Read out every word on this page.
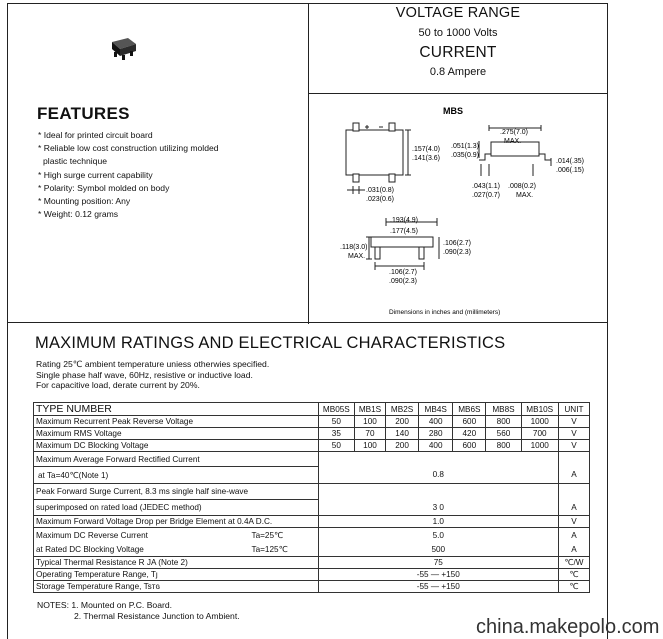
VOLTAGE RANGE
50 to 1000 Volts
CURRENT
0.8 Ampere
FEATURES
* Ideal for printed circuit board
* Reliable low cost construction utilizing molded
plastic technique
* High surge current capability
* Polarity: Symbol molded on body
* Mounting position: Any
* Weight: 0.12 grams
MBS
.157(4.0)
.141(3.6)
.031(0.8)
.023(0.6)
.275(7.0)
MAX.
.051(1.3)
.035(0.9)
.014(.35)
.006(.15)
.043(1.1)
.027(0.7)
.008(0.2)
MAX.
.193(4.9)
.177(4.5)
.118(3.0)
MAX.
.106(2.7)
.090(2.3)
.106(2.7)
.090(2.3)
Dimensions in inches and (millimeters)
MAXIMUM RATINGS AND ELECTRICAL CHARACTERISTICS
Rating 25℃ ambient temperature uniess otherwies specified.
Single phase half wave, 60Hz, resistive or inductive load.
For capacitive load, derate current by 20%.
TYPE NUMBER	MB05S	MB1S	MB2S	MB4S	MB6S	MB8S	MB10S	UNIT
Maximum Recurrent Peak Reverse Voltage	50	100	200	400	600	800	1000	V
Maximum RMS Voltage	35	70	140	280	420	560	700	V
Maximum DC Blocking Voltage	50	100	200	400	600	800	1000	V
Maximum Average Forward Rectified Current								
at Ta=40℃(Note 1)	0.8							A
Peak Forward Surge Current, 8.3 ms single half sine-wave								
superimposed on rated load (JEDEC method)	3 0							A
Maximum Forward Voltage Drop per Bridge Element at 0.4A D.C.	1.0							V
Maximum DC Reverse Current Ta=25℃	5.0							A
at Rated DC Blocking Voltage Ta=125℃	500							A
Typical Thermal Resistance R JA (Note 2)	75							℃/W
Operating Temperature Range, Tȷ	-55 — +150							℃
Storage Temperature Range, Tsтɢ	-55 — +150							℃
NOTES: 1. Mounted on P.C. Board.
2. Thermal Resistance Junction to Ambient.
china.makepolo.com
